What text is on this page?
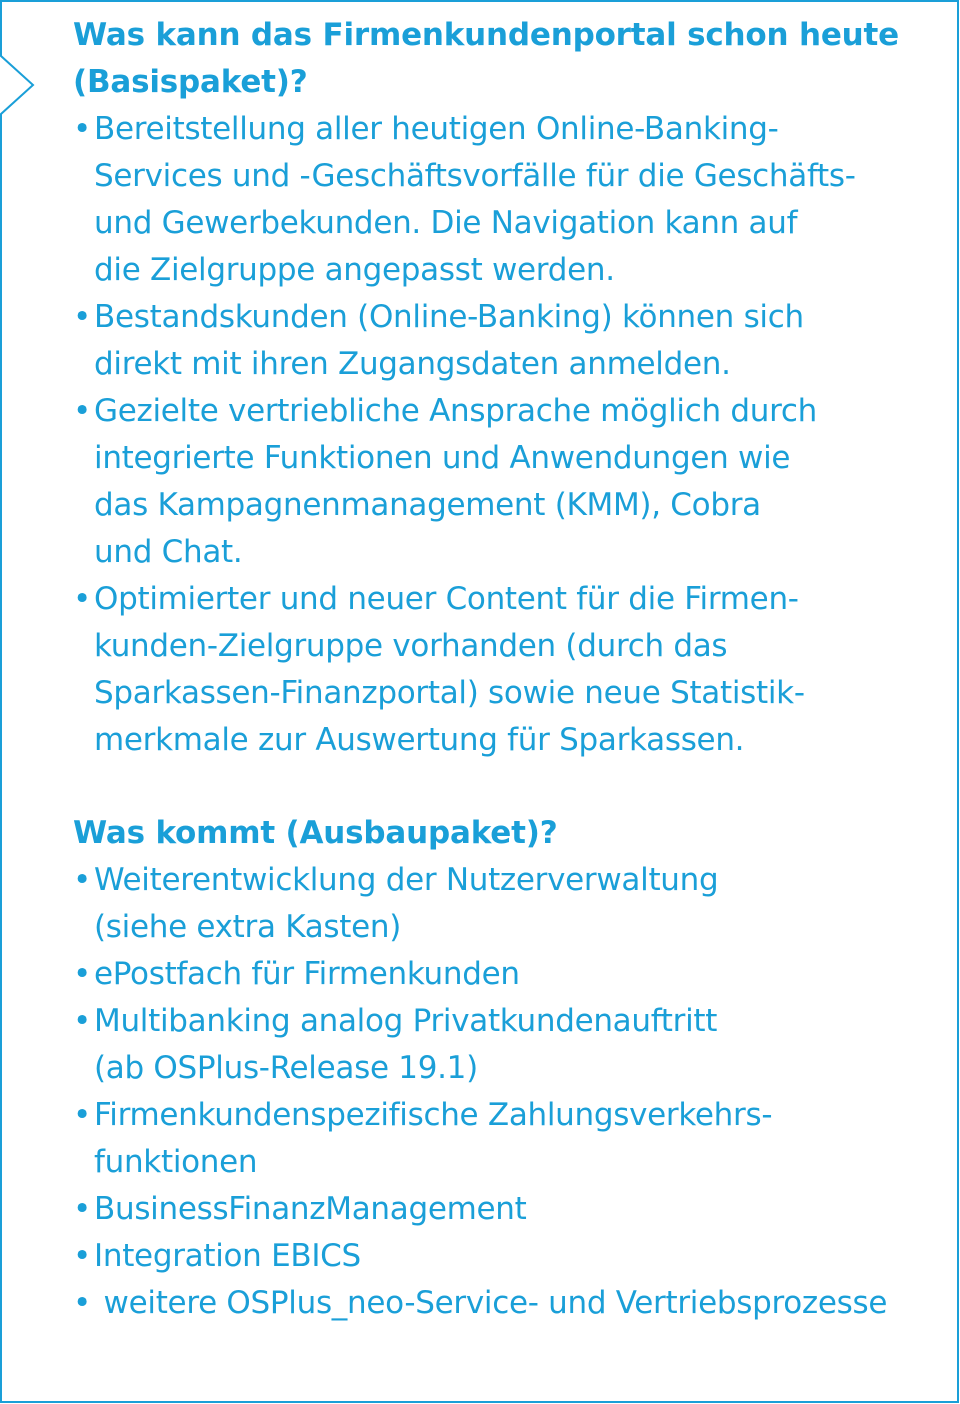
Was kann das Firmenkundenportal schon heute
(Basispaket)?
• Bereitstellung aller heutigen Online-Banking-
Services und -Geschäftsvorfälle für die Geschäfts-
und Gewerbekunden. Die Navigation kann auf
die Zielgruppe angepasst werden.
• Bestandskunden (Online-Banking) können sich
direkt mit ihren Zugangsdaten anmelden.
• Gezielte vertriebliche Ansprache möglich durch
integrierte Funktionen und Anwendungen wie
das Kampagnenmanagement (KMM), Cobra
und Chat.
• Optimierter und neuer Content für die Firmen-
kunden-Zielgruppe vorhanden (durch das
Sparkassen-Finanzportal) sowie neue Statistik-
merkmale zur Auswertung für Sparkassen.
Was kommt (Ausbaupaket)?
• Weiterentwicklung der Nutzerverwaltung
(siehe extra Kasten)
• ePostfach für Firmenkunden
• Multibanking analog Privatkundenauftritt
(ab OSPlus-Release 19.1)
• Firmenkundenspezifische Zahlungsverkehrs-
funktionen
• BusinessFinanzManagement
• Integration EBICS
• weitere OSPlus_neo-Service- und Vertriebsprozesse
